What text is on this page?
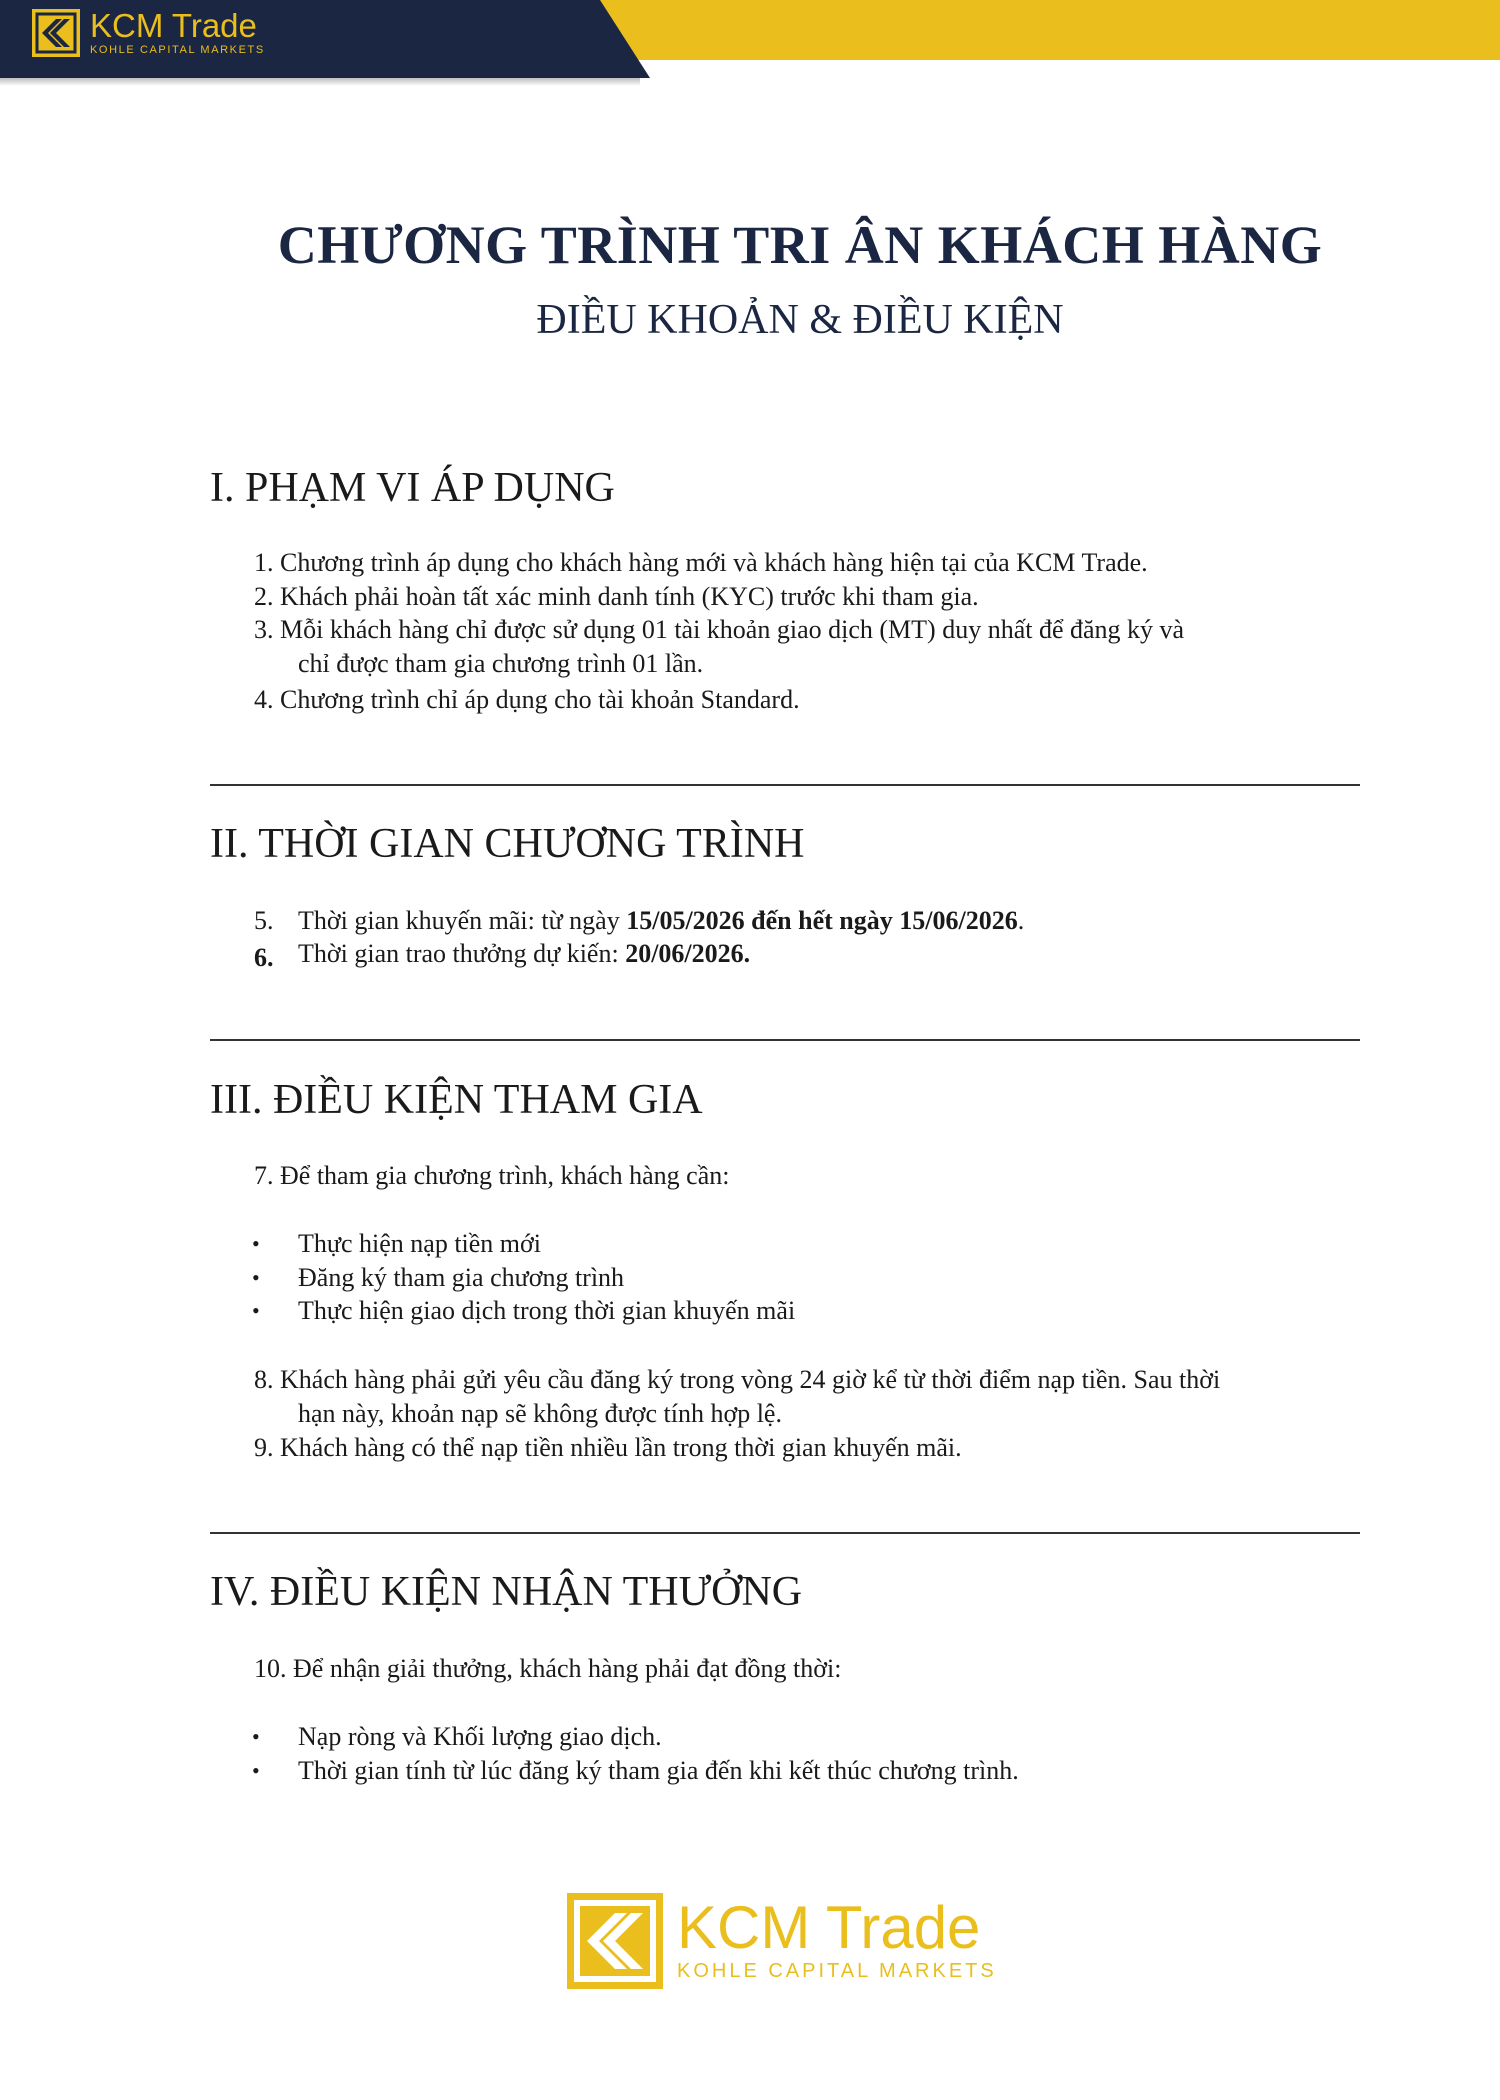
KCM Trade
KOHLE CAPITAL MARKETS
CHƯƠNG TRÌNH TRI ÂN KHÁCH HÀNG
ĐIỀU KHOẢN & ĐIỀU KIỆN
I. PHẠM VI ÁP DỤNG
1. Chương trình áp dụng cho khách hàng mới và khách hàng hiện tại của KCM Trade.
2. Khách phải hoàn tất xác minh danh tính (KYC) trước khi tham gia.
3. Mỗi khách hàng chỉ được sử dụng 01 tài khoản giao dịch (MT) duy nhất để đăng ký và
chỉ được tham gia chương trình 01 lần.
4. Chương trình chỉ áp dụng cho tài khoản Standard.
II. THỜI GIAN CHƯƠNG TRÌNH
5. Thời gian khuyến mãi: từ ngày 15/05/2026 đến hết ngày 15/06/2026.
6. Thời gian trao thưởng dự kiến: 20/06/2026.
III. ĐIỀU KIỆN THAM GIA
7. Để tham gia chương trình, khách hàng cần:
• Thực hiện nạp tiền mới
• Đăng ký tham gia chương trình
• Thực hiện giao dịch trong thời gian khuyến mãi
8. Khách hàng phải gửi yêu cầu đăng ký trong vòng 24 giờ kể từ thời điểm nạp tiền. Sau thời
hạn này, khoản nạp sẽ không được tính hợp lệ.
9. Khách hàng có thể nạp tiền nhiều lần trong thời gian khuyến mãi.
IV. ĐIỀU KIỆN NHẬN THƯỞNG
10. Để nhận giải thưởng, khách hàng phải đạt đồng thời:
• Nạp ròng và Khối lượng giao dịch.
• Thời gian tính từ lúc đăng ký tham gia đến khi kết thúc chương trình.
KCM Trade
KOHLE CAPITAL MARKETS
